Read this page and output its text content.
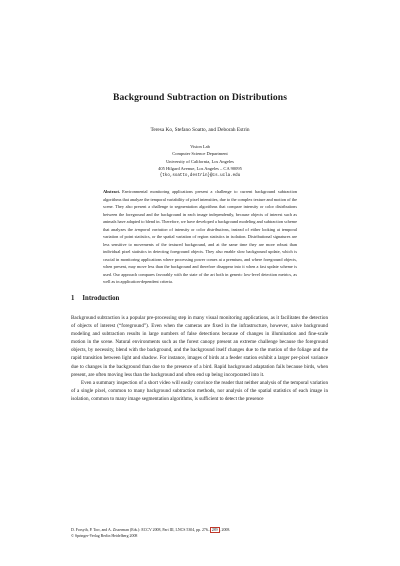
Background Subtraction on Distributions
Teresa Ko, Stefano Soatto, and Deborah Estrin
Vision Lab
Computer Science Department
University of California, Los Angeles
405 Hilgard Avenue, Los Angeles – CA 90095
{tko,soatto,destrin}@cs.ucla.edu
Abstract. Environmental monitoring applications present a challenge to current background subtraction algorithms that analyze the temporal variability of pixel intensities, due to the complex texture and motion of the scene. They also present a challenge to segmentation algorithms that compare intensity or color distributions between the foreground and the background in each image independently, because objects of interest such as animals have adapted to blend in. Therefore, we have developed a background modeling and subtraction scheme that analyzes the temporal variation of intensity or color distributions, instead of either looking at temporal variation of point statistics, or the spatial variation of region statistics in isolation. Distributional signatures are less sensitive to movements of the textured background, and at the same time they are more robust than individual pixel statistics in detecting foreground objects. They also enable slow background update, which is crucial in monitoring applications where processing power comes at a premium, and where foreground objects, when present, may move less than the background and therefore disappear into it when a fast update scheme is used. Our approach compares favorably with the state of the art both in generic low-level detection metrics, as well as in application-dependent criteria.
1 Introduction

Background subtraction is a popular pre-processing step in many visual monitoring applications, as it facilitates the detection of objects of interest (“foreground”). Even when the cameras are fixed in the infrastructure, however, naive background modeling and subtraction results in large numbers of false detections because of changes in illumination and fine-scale motion in the scene. Natural environments such as the forest canopy present an extreme challenge because the foreground objects, by necessity, blend with the background, and the background itself changes due to the motion of the foliage and the rapid transition between light and shadow. For instance, images of birds at a feeder station exhibit a larger per-pixel variance due to changes in the background than due to the presence of a bird. Rapid background adaptation fails because birds, when present, are often moving less than the background and often end up being incorporated into it.

Even a summary inspection of a short video will easily convince the reader that neither analysis of the temporal variation of a single pixel, common to many background subtraction methods, nor analysis of the spatial statistics of each image in isolation, common to many image segmentation algorithms, is sufficient to detect the presence

D. Forsyth, P. Torr, and A. Zisserman (Eds.): ECCV 2008, Part III, LNCS 5304, pp. 276– 289 , 2008.
© Springer-Verlag Berlin Heidelberg 2008
